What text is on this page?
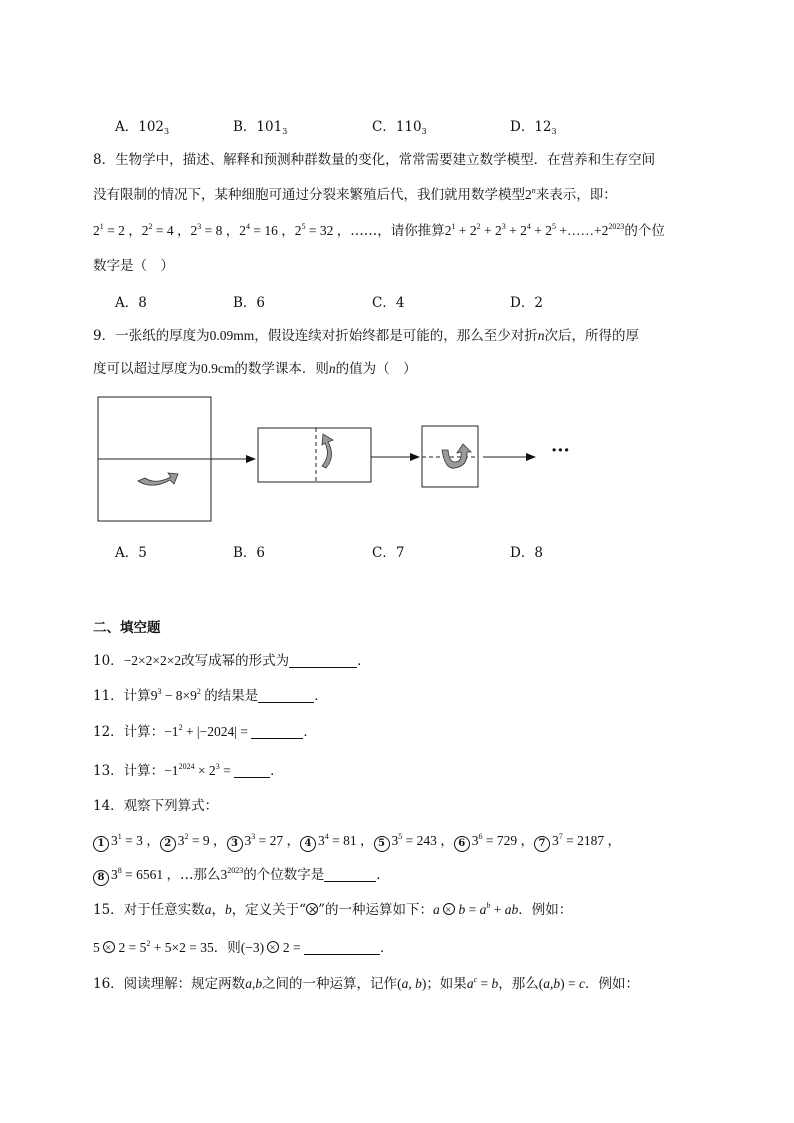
A．$102_3$	B．$101_3$	C．$110_3$	D．$12_3$
8．生物学中，描述、解释和预测种群数量的变化，常常需要建立数学模型．在营养和生存空间
没有限制的情况下，某种细胞可通过分裂来繁殖后代，我们就用数学模型2$^n$来表示，即：
$2^1 = 2$ ，$2^2 = 4$ ，$2^3 = 8$ ，$2^4 = 16$ ，$2^5 = 32$ ，……，请你推算$2^1 + 2^2 + 2^3 + 2^4 + 2^5$ $+\dots\dots+2^{2023}$的个位
数字是（　）
A．8	B．6	C．4	D．2
9．一张纸的厚度为0.09mm，假设连续对折始终都是可能的，那么至少对折n次后，所得的厚
度可以超过厚度为0.9cm的数学课本．则n的值为（　）
···
A．5	B．6	C．7	D．8
二、填空题
10．−2×2×2×2改写成幂的形式为	．
11．计算$9^3 - 8\times 9^2$ 的结果是	．
12．计算：$-1^2 + |-2024|$ =	．
13．计算：$-1^{2024} \times 2^3$ =	．
14．观察下列算式：
1 $3^1 = 3$ ， 2 $3^2 = 9$ ， 3 $3^3 = 27$ ， 4 $3^4 = 81$ ， 5 $3^5 = 243$ ， 6 $3^6 = 729$ ， 7 $3^7 = 2187$ ，
8 $3^8 = 6561$ ，…那么$3^{2023}$的个位数字是	．
15．对于任意实数a，b，定义关于“ × ”的一种运算如下：$a \times b = a^b$ + ab．例如：
$5 \times 2 = 5^2 + 5\times 2 = 35$．则(−3) × 2 =	．
16．阅读理解：规定两数a,b之间的一种运算，记作(a, b)；如果$a^c = b$，那么(a,b) = c．例如：
